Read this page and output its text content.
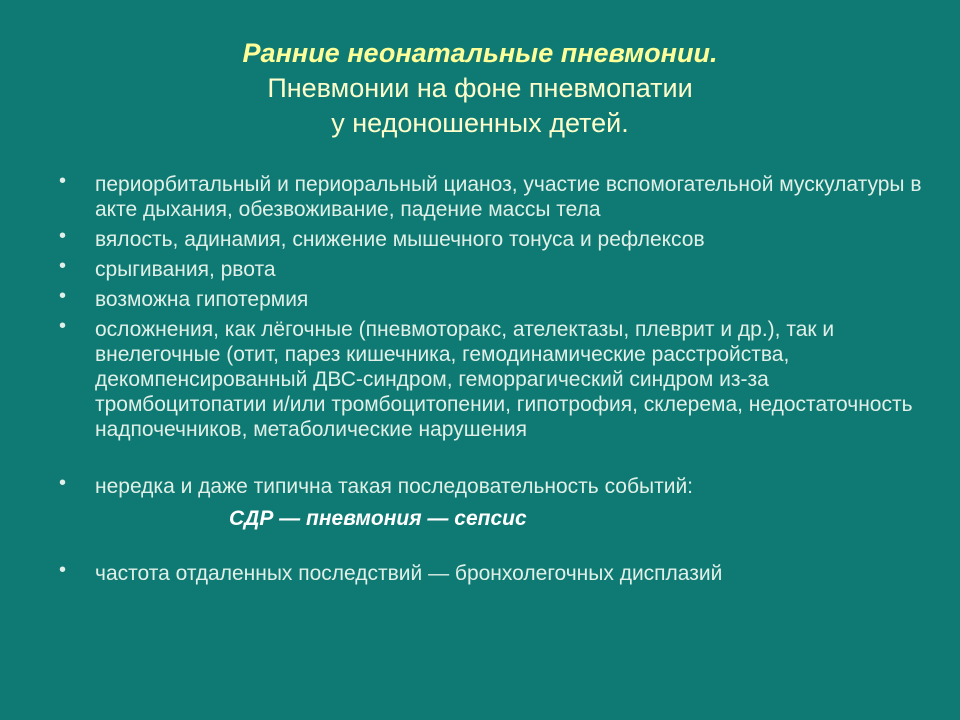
Ранние неонатальные пневмонии.
Пневмонии на фоне пневмопатии
у недоношенных детей.
• периорбитальный и периоральный цианоз, участие вспомогательной мускулатуры в акте дыхания, обезвоживание, падение массы тела
• вялость, адинамия, снижение мышечного тонуса и рефлексов
• срыгивания, рвота
• возможна гипотермия
• осложнения, как лёгочные (пневмоторакс, ателектазы, плеврит и др.), так и внелегочные (отит, парез кишечника, гемодинамические расстройства, декомпенсированный ДВС-синдром, геморрагический синдром из-за тромбоцитопатии и/или тромбоцитопении, гипотрофия, склерема, недостаточность надпочечников, метаболические нарушения
• нередка и даже типична такая последовательность событий:
СДР — пневмония — сепсис
• частота отдаленных последствий — бронхолегочных дисплазий
